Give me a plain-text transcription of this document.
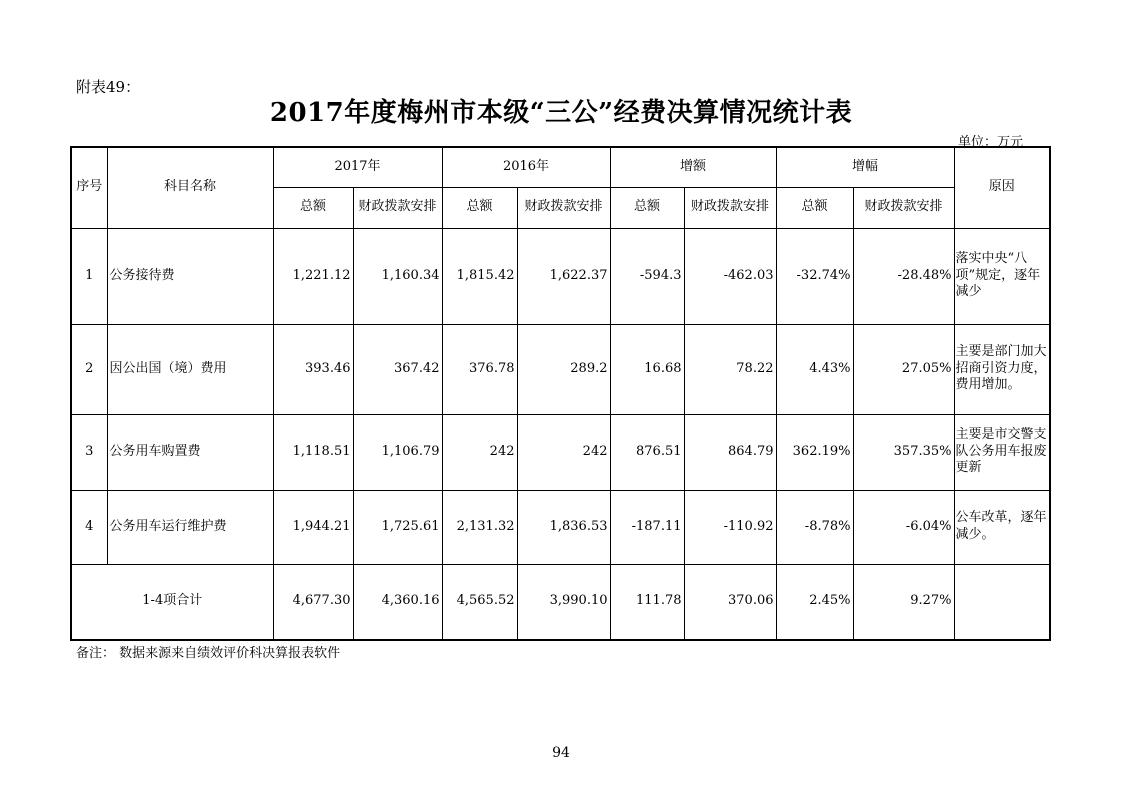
附表49：
2017年度梅州市本级“三公”经费决算情况统计表
单位：万元
序号	科目名称	2017年		2016年		增额		增幅		原因
		总额	财政拨款安排	总额	财政拨款安排	总额	财政拨款安排	总额	财政拨款安排	
1	公务接待费	1,221.12	1,160.34	1,815.42	1,622.37	-594.3	-462.03	-32.74%	-28.48%	落实中央“八项”规定，逐年减少
2	因公出国（境）费用	393.46	367.42	376.78	289.2	16.68	78.22	4.43%	27.05%	主要是部门加大招商引资力度，费用增加。
3	公务用车购置费	1,118.51	1,106.79	242	242	876.51	864.79	362.19%	357.35%	主要是市交警支队公务用车报废更新
4	公务用车运行维护费	1,944.21	1,725.61	2,131.32	1,836.53	-187.11	-110.92	-8.78%	-6.04%	公车改革，逐年减少。
1-4项合计		4,677.30	4,360.16	4,565.52	3,990.10	111.78	370.06	2.45%	9.27%	
备注： 数据来源来自绩效评价科决算报表软件
94
